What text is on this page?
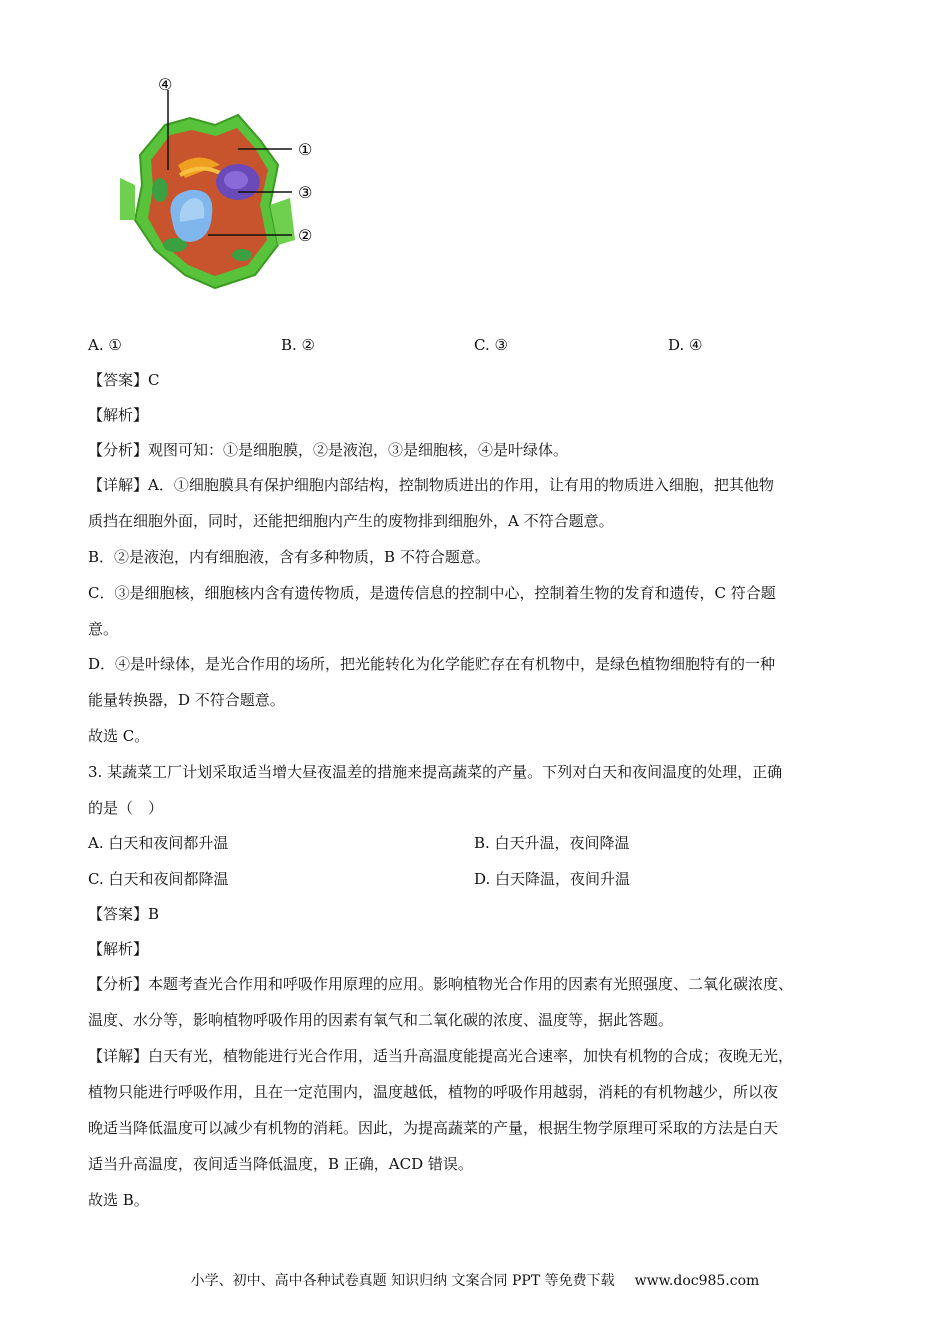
④
①
③
②
A. ①	B. ②	C. ③	D. ④
【答案】C
【解析】
【分析】观图可知：①是细胞膜，②是液泡，③是细胞核，④是叶绿体。
【详解】A．①细胞膜具有保护细胞内部结构，控制物质进出的作用，让有用的物质进入细胞，把其他物
质挡在细胞外面，同时，还能把细胞内产生的废物排到细胞外，A 不符合题意。
B．②是液泡，内有细胞液，含有多种物质，B 不符合题意。
C．③是细胞核，细胞核内含有遗传物质，是遗传信息的控制中心，控制着生物的发育和遗传，C 符合题
意。
D．④是叶绿体，是光合作用的场所，把光能转化为化学能贮存在有机物中，是绿色植物细胞特有的一种
能量转换器，D 不符合题意。
故选 C。
3. 某蔬菜工厂计划采取适当增大昼夜温差的措施来提高蔬菜的产量。下列对白天和夜间温度的处理，正确
的是（　）
A. 白天和夜间都升温	B. 白天升温，夜间降温
C. 白天和夜间都降温	D. 白天降温，夜间升温
【答案】B
【解析】
【分析】本题考查光合作用和呼吸作用原理的应用。影响植物光合作用的因素有光照强度、二氧化碳浓度、
温度、水分等，影响植物呼吸作用的因素有氧气和二氧化碳的浓度、温度等，据此答题。
【详解】白天有光，植物能进行光合作用，适当升高温度能提高光合速率，加快有机物的合成；夜晚无光，
植物只能进行呼吸作用，且在一定范围内，温度越低，植物的呼吸作用越弱，消耗的有机物越少，所以夜
晚适当降低温度可以减少有机物的消耗。因此，为提高蔬菜的产量，根据生物学原理可采取的方法是白天
适当升高温度，夜间适当降低温度，B 正确，ACD 错误。
故选 B。
小学、初中、高中各种试卷真题 知识归纳 文案合同 PPT 等免费下载 www.doc985.com
